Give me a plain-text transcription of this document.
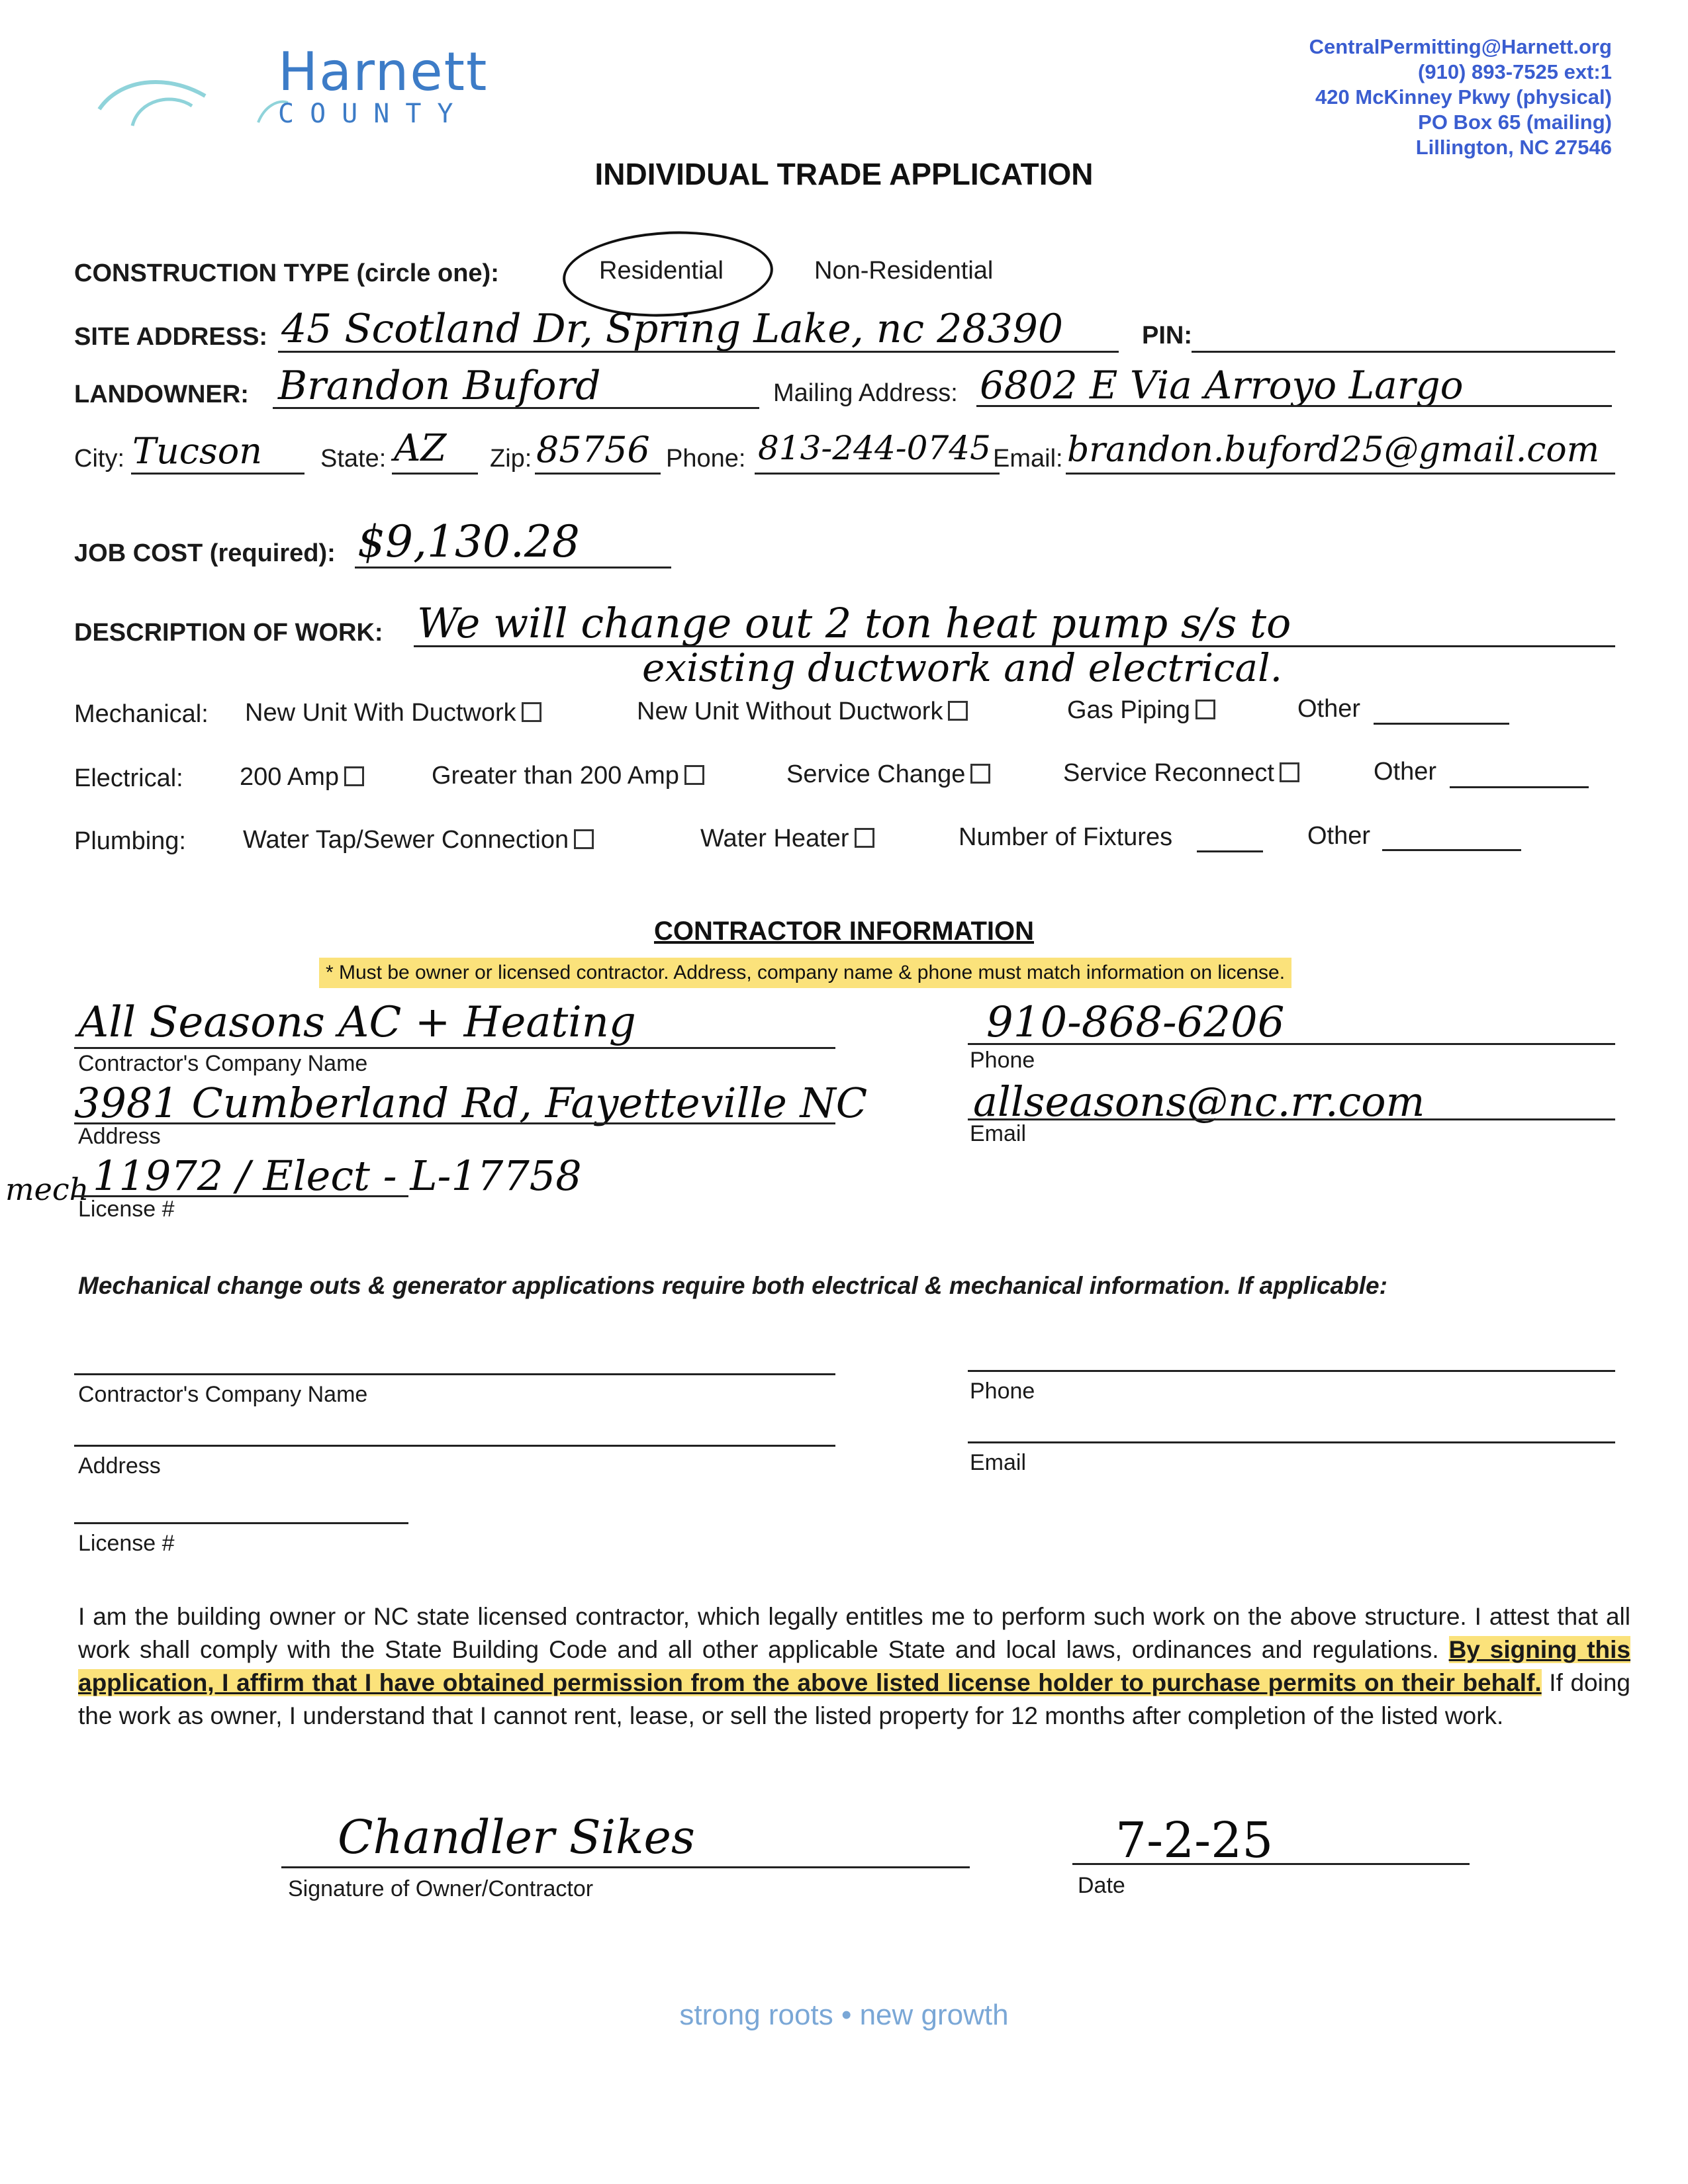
Harnett
COUNTY
CentralPermitting@Harnett.org
(910) 893-7525 ext:1
420 McKinney Pkwy (physical)
PO Box 65 (mailing)
Lillington, NC 27546
INDIVIDUAL TRADE APPLICATION
CONSTRUCTION TYPE (circle one):	Residential	Non-Residential
SITE ADDRESS: 45 Scotland Dr, Spring Lake, nc 28390	PIN:
LANDOWNER: Brandon Buford	Mailing Address: 6802 E Via Arroyo Largo
City: Tucson State: AZ Zip: 85756 Phone: 813-244-0745 Email: brandon.buford25@gmail.com
JOB COST (required): $9,130.28
DESCRIPTION OF WORK: We will change out 2 ton heat pump s/s to
existing ductwork and electrical.
Mechanical: New Unit With Ductwork	New Unit Without Ductwork	Gas Piping	Other
Electrical: 200 Amp	Greater than 200 Amp	Service Change	Service Reconnect	Other
Plumbing: Water Tap/Sewer Connection	Water Heater	Number of Fixtures	Other
CONTRACTOR INFORMATION
* Must be owner or licensed contractor. Address, company name & phone must match information on license.
All Seasons AC + Heating
Contractor's Company Name
910-868-6206
Phone
3981 Cumberland Rd, Fayetteville NC
Address
allseasons@nc.rr.com
Email
mech 11972 / Elect - L-17758
License #
Mechanical change outs & generator applications require both electrical & mechanical information. If applicable:
Contractor's Company Name	Phone
Address	Email
License #
I am the building owner or NC state licensed contractor, which legally entitles me to perform such work on the above structure. I attest that all work shall comply with the State Building Code and all other applicable State and local laws, ordinances and regulations. By signing this application, I affirm that I have obtained permission from the above listed license holder to purchase permits on their behalf. If doing the work as owner, I understand that I cannot rent, lease, or sell the listed property for 12 months after completion of the listed work.
Chandler Sikes
Signature of Owner/Contractor
7-2-25
Date
strong roots • new growth
